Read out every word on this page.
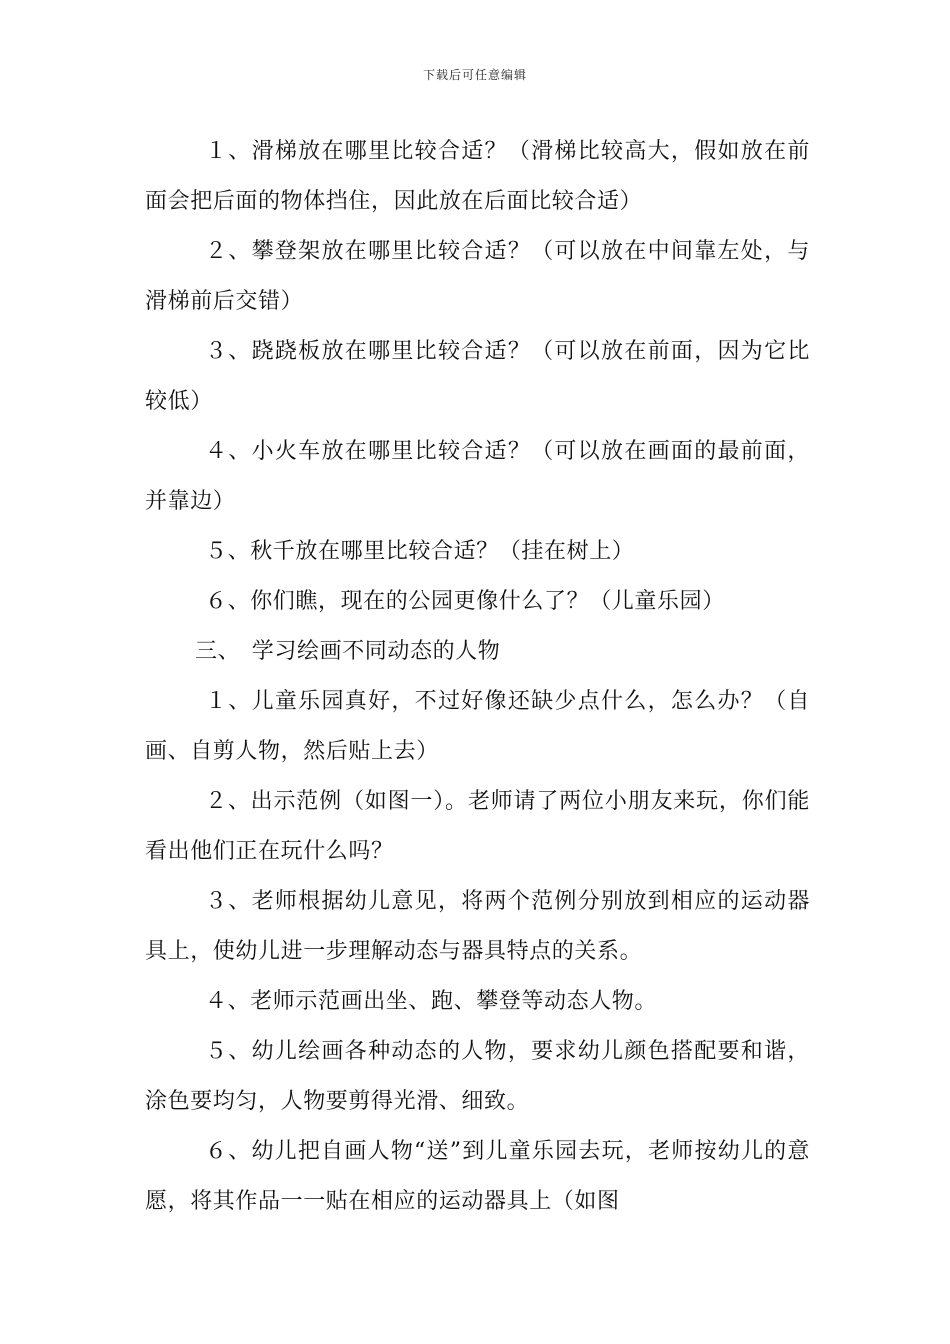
下载后可任意编辑

１、滑梯放在哪里比较合适？（滑梯比较高大，假如放在前面会把后面的物体挡住，因此放在后面比较合适）

２、攀登架放在哪里比较合适？（可以放在中间靠左处，与滑梯前后交错）

３、跷跷板放在哪里比较合适？（可以放在前面，因为它比较低）

４、小火车放在哪里比较合适？（可以放在画面的最前面，并靠边）

５、秋千放在哪里比较合适？（挂在树上）

６、你们瞧，现在的公园更像什么了？（儿童乐园）

三、　学习绘画不同动态的人物

１、儿童乐园真好，不过好像还缺少点什么，怎么办？（自画、自剪人物，然后贴上去）

２、出示范例（如图一）。老师请了两位小朋友来玩，你们能看出他们正在玩什么吗？

３、老师根据幼儿意见，将两个范例分别放到相应的运动器具上，使幼儿进一步理解动态与器具特点的关系。

４、老师示范画出坐、跑、攀登等动态人物。

５、幼儿绘画各种动态的人物，要求幼儿颜色搭配要和谐，涂色要均匀，人物要剪得光滑、细致。

６、幼儿把自画人物“送”到儿童乐园去玩，老师按幼儿的意愿，将其作品一一贴在相应的运动器具上（如图
